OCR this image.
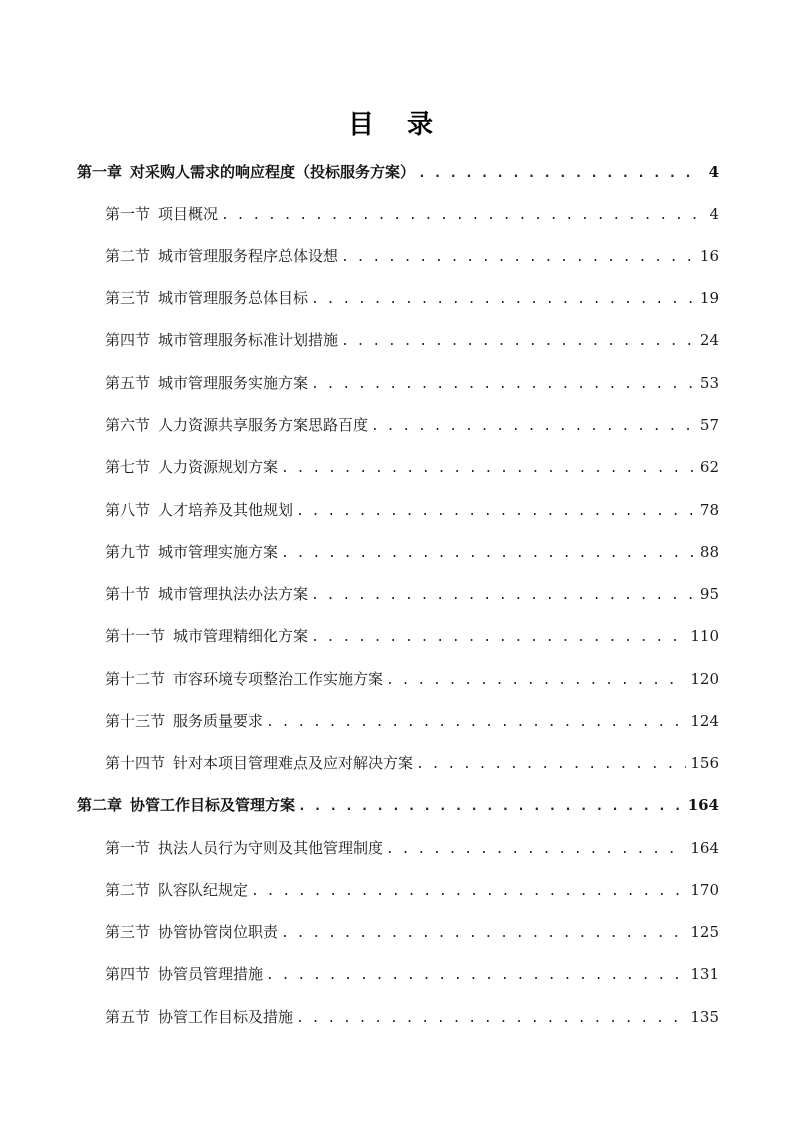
目 录
第一章 对采购人需求的响应程度（投标服务方案） . . .	4
第一节 项目概况 . . .	4
第二节 城市管理服务程序总体设想 . . .	16
第三节 城市管理服务总体目标 . . .	19
第四节 城市管理服务标准计划措施 . . .	24
第五节 城市管理服务实施方案 . . .	53
第六节 人力资源共享服务方案思路百度 . . .	57
第七节 人力资源规划方案 . . .	62
第八节 人才培养及其他规划 . . .	78
第九节 城市管理实施方案 . . .	88
第十节 城市管理执法办法方案 . . .	95
第十一节 城市管理精细化方案 . . .	110
第十二节 市容环境专项整治工作实施方案 . . .	120
第十三节 服务质量要求 . . .	124
第十四节 针对本项目管理难点及应对解决方案 . . .	156
第二章 协管工作目标及管理方案 . . .	164
第一节 执法人员行为守则及其他管理制度 . . .	164
第二节 队容队纪规定 . . .	170
第三节 协管协管岗位职责 . . .	125
第四节 协管员管理措施 . . .	131
第五节 协管工作目标及措施 . . .	135
